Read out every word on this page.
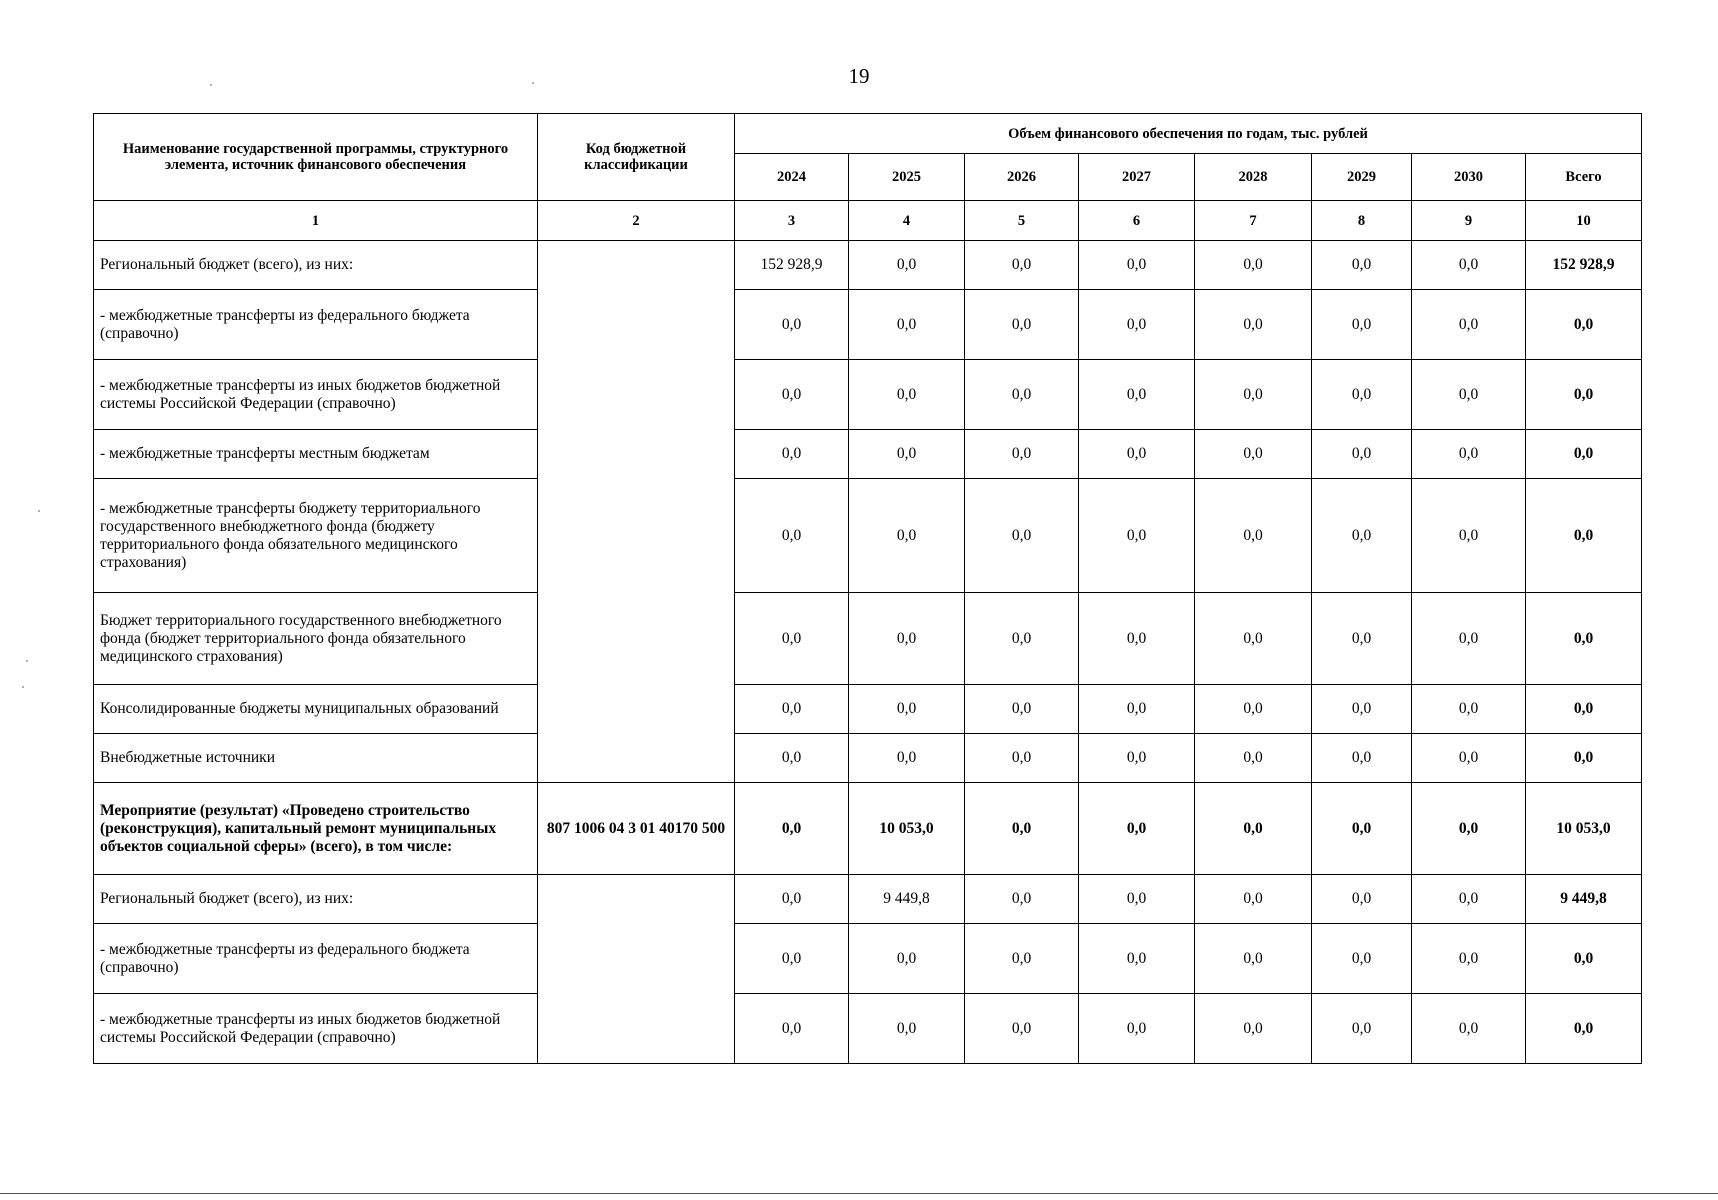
19
Наименование государственной программы, структурного элемента, источник финансового обеспечения	Код бюджетной классификации	Объем финансового обеспечения по годам, тыс. рублей							
		2024	2025	2026	2027	2028	2029	2030	Всего
1	2	3	4	5	6	7	8	9	10
Региональный бюджет (всего), из них:		152 928,9	0,0	0,0	0,0	0,0	0,0	0,0	152 928,9
- межбюджетные трансферты из федерального бюджета (справочно)		0,0	0,0	0,0	0,0	0,0	0,0	0,0	0,0
- межбюджетные трансферты из иных бюджетов бюджетной системы Российской Федерации (справочно)		0,0	0,0	0,0	0,0	0,0	0,0	0,0	0,0
- межбюджетные трансферты местным бюджетам		0,0	0,0	0,0	0,0	0,0	0,0	0,0	0,0
- межбюджетные трансферты бюджету территориального государственного внебюджетного фонда (бюджету территориального фонда обязательного медицинского страхования)		0,0	0,0	0,0	0,0	0,0	0,0	0,0	0,0
Бюджет территориального государственного внебюджетного фонда (бюджет территориального фонда обязательного медицинского страхования)		0,0	0,0	0,0	0,0	0,0	0,0	0,0	0,0
Консолидированные бюджеты муниципальных образований		0,0	0,0	0,0	0,0	0,0	0,0	0,0	0,0
Внебюджетные источники		0,0	0,0	0,0	0,0	0,0	0,0	0,0	0,0
Мероприятие (результат) «Проведено строительство (реконструкция), капитальный ремонт муниципальных объектов социальной сферы» (всего), в том числе:	807 1006 04 3 01 40170 500	0,0	10 053,0	0,0	0,0	0,0	0,0	0,0	10 053,0
Региональный бюджет (всего), из них:		0,0	9 449,8	0,0	0,0	0,0	0,0	0,0	9 449,8
- межбюджетные трансферты из федерального бюджета (справочно)		0,0	0,0	0,0	0,0	0,0	0,0	0,0	0,0
- межбюджетные трансферты из иных бюджетов бюджетной системы Российской Федерации (справочно)		0,0	0,0	0,0	0,0	0,0	0,0	0,0	0,0
